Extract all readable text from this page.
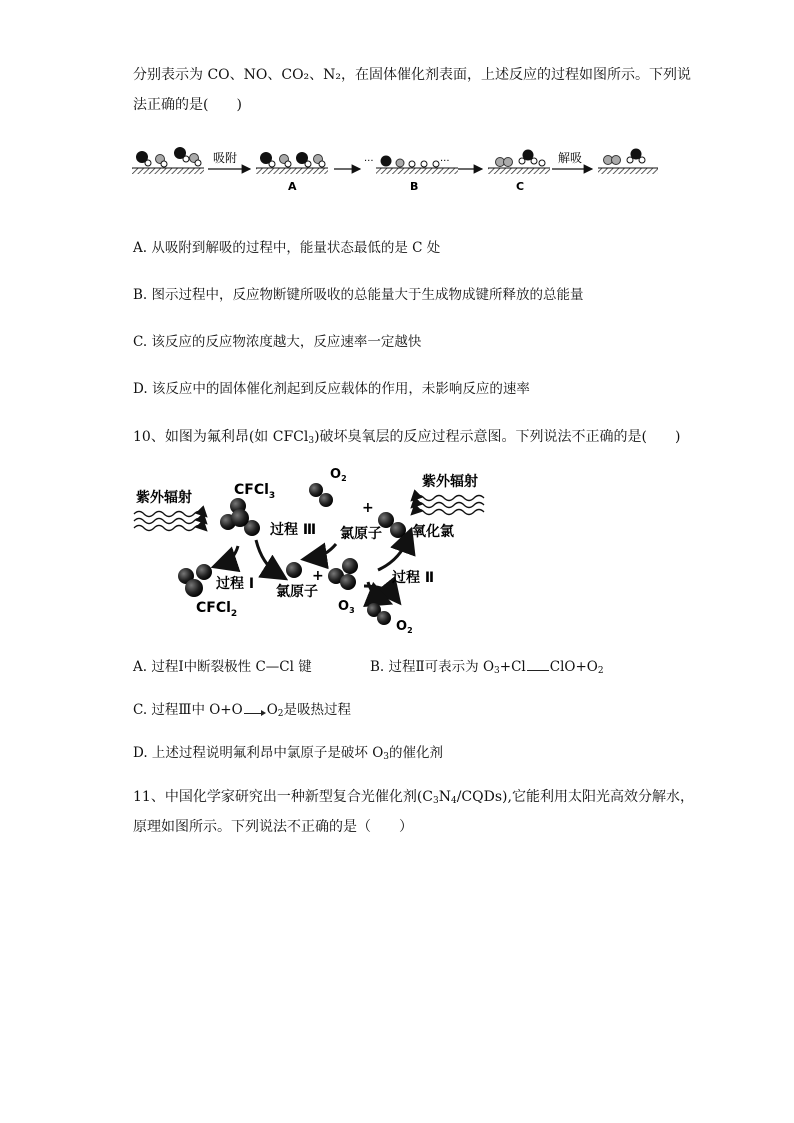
分别表示为 CO、NO、CO₂、N₂，在固体催化剂表面，上述反应的过程如图所示。下列说
法正确的是(　　)
吸附
A
···	···
B	C
解吸
A. 从吸附到解吸的过程中，能量状态最低的是 C 处
B. 图示过程中，反应物断键所吸收的总能量大于生成物成键所释放的总能量
C. 该反应的反应物浓度越大，反应速率一定越快
D. 该反应中的固体催化剂起到反应载体的作用，未影响反应的速率
10、如图为氟利昂(如 CFCl$_3$)破坏臭氧层的反应过程示意图。下列说法不正确的是(　　)
紫外辐射	CFCl$_3$
过程 Ⅲ
$O_2$
+
氯原子
紫外辐射
氧化氯
过程 Ⅰ
CFCl$_2$
+
氯原子
$O_3$
过程 Ⅱ
$O_2$
A. 过程Ⅰ中断裂极性 C—Cl 键	B. 过程Ⅱ可表示为 $O_3+Cl$ $ClO+O_2$
C. 过程Ⅲ中 O+O $O_2$是吸热过程
D. 上述过程说明氟利昂中氯原子是破坏 $O_3$的催化剂
11、中国化学家研究出一种新型复合光催化剂$(C_3N_4/CQDs)$,它能利用太阳光高效分解水，
原理如图所示。下列说法不正确的是（　　）
